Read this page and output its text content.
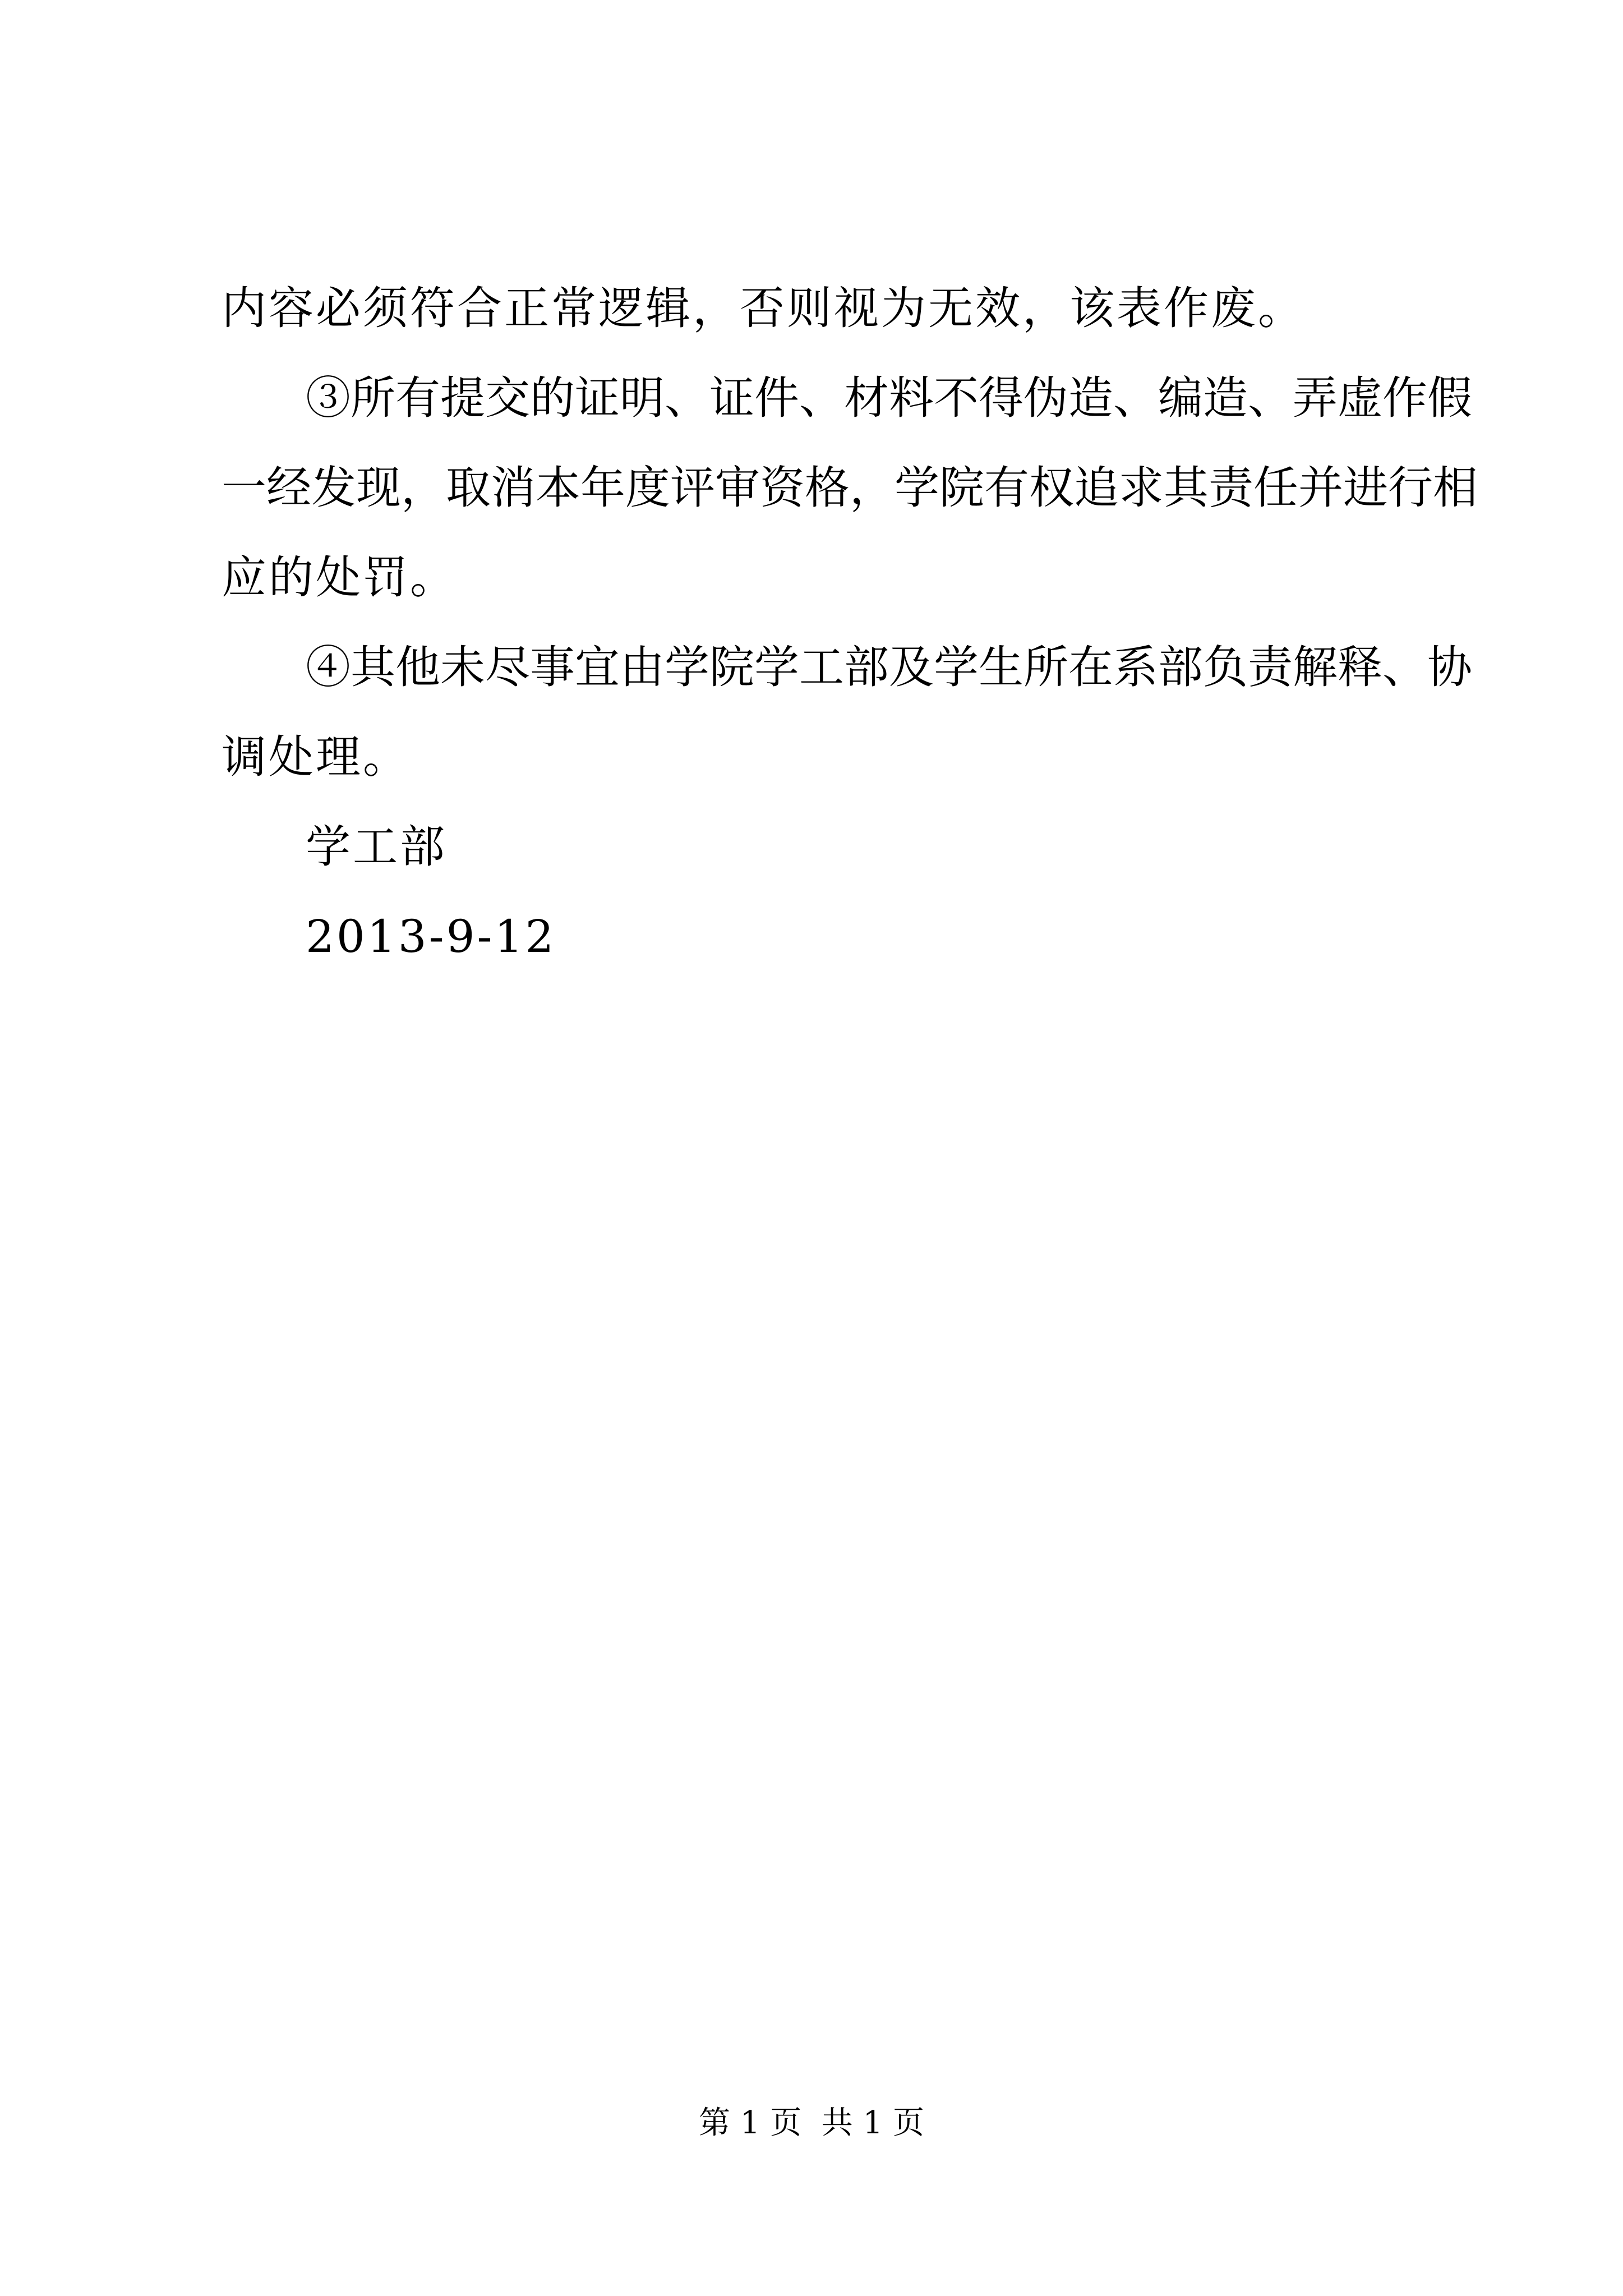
内容必须符合正常逻辑，否则视为无效，该表作废。
③所有提交的证明、证件、材料不得伪造、编造、弄虚作假
一经发现，取消本年度评审资格，学院有权追求其责任并进行相
应的处罚。
④其他未尽事宜由学院学工部及学生所在系部负责解释、协
调处理。
学工部
2013-9-12
第 1 页  共 1 页
